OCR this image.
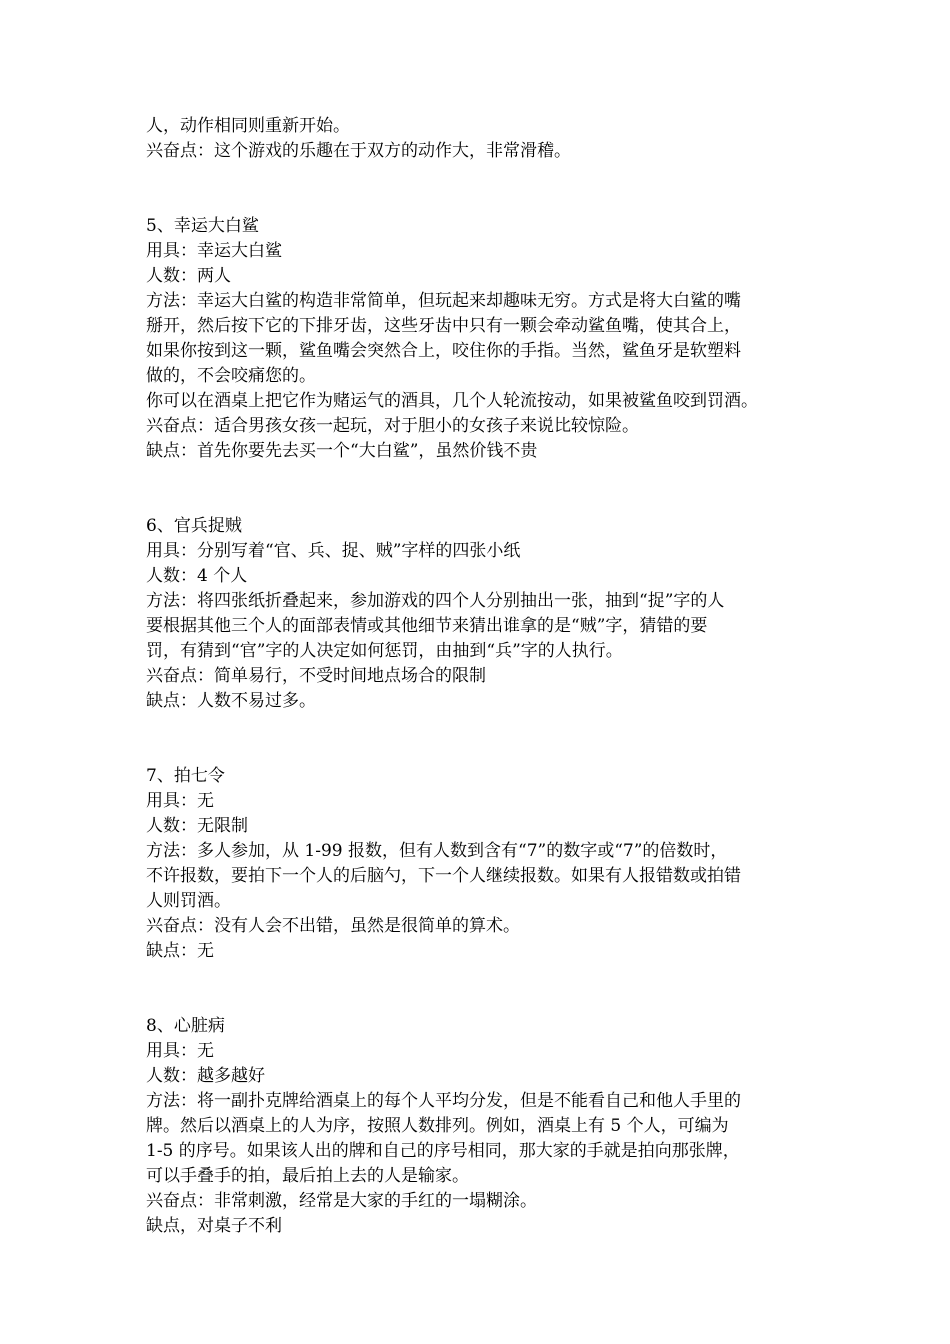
人，动作相同则重新开始。
兴奋点：这个游戏的乐趣在于双方的动作大，非常滑稽。
5、幸运大白鲨
用具：幸运大白鲨
人数：两人
方法：幸运大白鲨的构造非常简单，但玩起来却趣味无穷。方式是将大白鲨的嘴
掰开，然后按下它的下排牙齿，这些牙齿中只有一颗会牵动鲨鱼嘴，使其合上，
如果你按到这一颗，鲨鱼嘴会突然合上，咬住你的手指。当然，鲨鱼牙是软塑料
做的，不会咬痛您的。
你可以在酒桌上把它作为赌运气的酒具，几个人轮流按动，如果被鲨鱼咬到罚酒。
兴奋点：适合男孩女孩一起玩，对于胆小的女孩子来说比较惊险。
缺点：首先你要先去买一个“大白鲨”，虽然价钱不贵
6、官兵捉贼
用具：分别写着“官、兵、捉、贼”字样的四张小纸
人数：4 个人
方法：将四张纸折叠起来，参加游戏的四个人分别抽出一张，抽到“捉”字的人
要根据其他三个人的面部表情或其他细节来猜出谁拿的是“贼”字，猜错的要
罚，有猜到“官”字的人决定如何惩罚，由抽到“兵”字的人执行。
兴奋点：简单易行，不受时间地点场合的限制
缺点：人数不易过多。
7、拍七令
用具：无
人数：无限制
方法：多人参加，从 1-99 报数，但有人数到含有“7”的数字或“7”的倍数时，
不许报数，要拍下一个人的后脑勺，下一个人继续报数。如果有人报错数或拍错
人则罚酒。
兴奋点：没有人会不出错，虽然是很简单的算术。
缺点：无
8、心脏病
用具：无
人数：越多越好
方法：将一副扑克牌给酒桌上的每个人平均分发，但是不能看自己和他人手里的
牌。然后以酒桌上的人为序，按照人数排列。例如，酒桌上有 5 个人，可编为
1-5 的序号。如果该人出的牌和自己的序号相同，那大家的手就是拍向那张牌，
可以手叠手的拍，最后拍上去的人是输家。
兴奋点：非常刺激，经常是大家的手红的一塌糊涂。
缺点，对桌子不利
